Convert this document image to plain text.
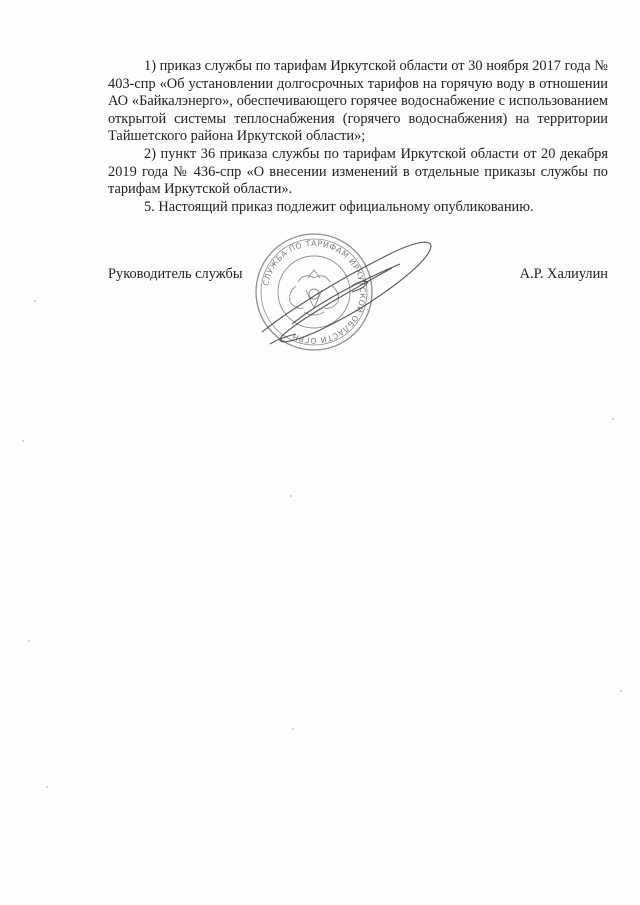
1) приказ службы по тарифам Иркутской области от 30 ноября 2017 года № 403-спр «Об установлении долгосрочных тарифов на горячую воду в отношении АО «Байкалэнерго», обеспечивающего горячее водоснабжение с использованием открытой системы теплоснабжения (горячего водоснабжения) на территории Тайшетского района Иркутской области»;

2) пункт 36 приказа службы по тарифам Иркутской области от 20 декабря 2019 года № 436-спр «О внесении изменений в отдельные приказы службы по тарифам Иркутской области».

5. Настоящий приказ подлежит официальному опубликованию.

Руководитель службы	А.Р. Халиулин
СЛУЖБА ПО ТАРИФАМ ИРКУТСКОЙ ОБЛАСТИ ОГРН
